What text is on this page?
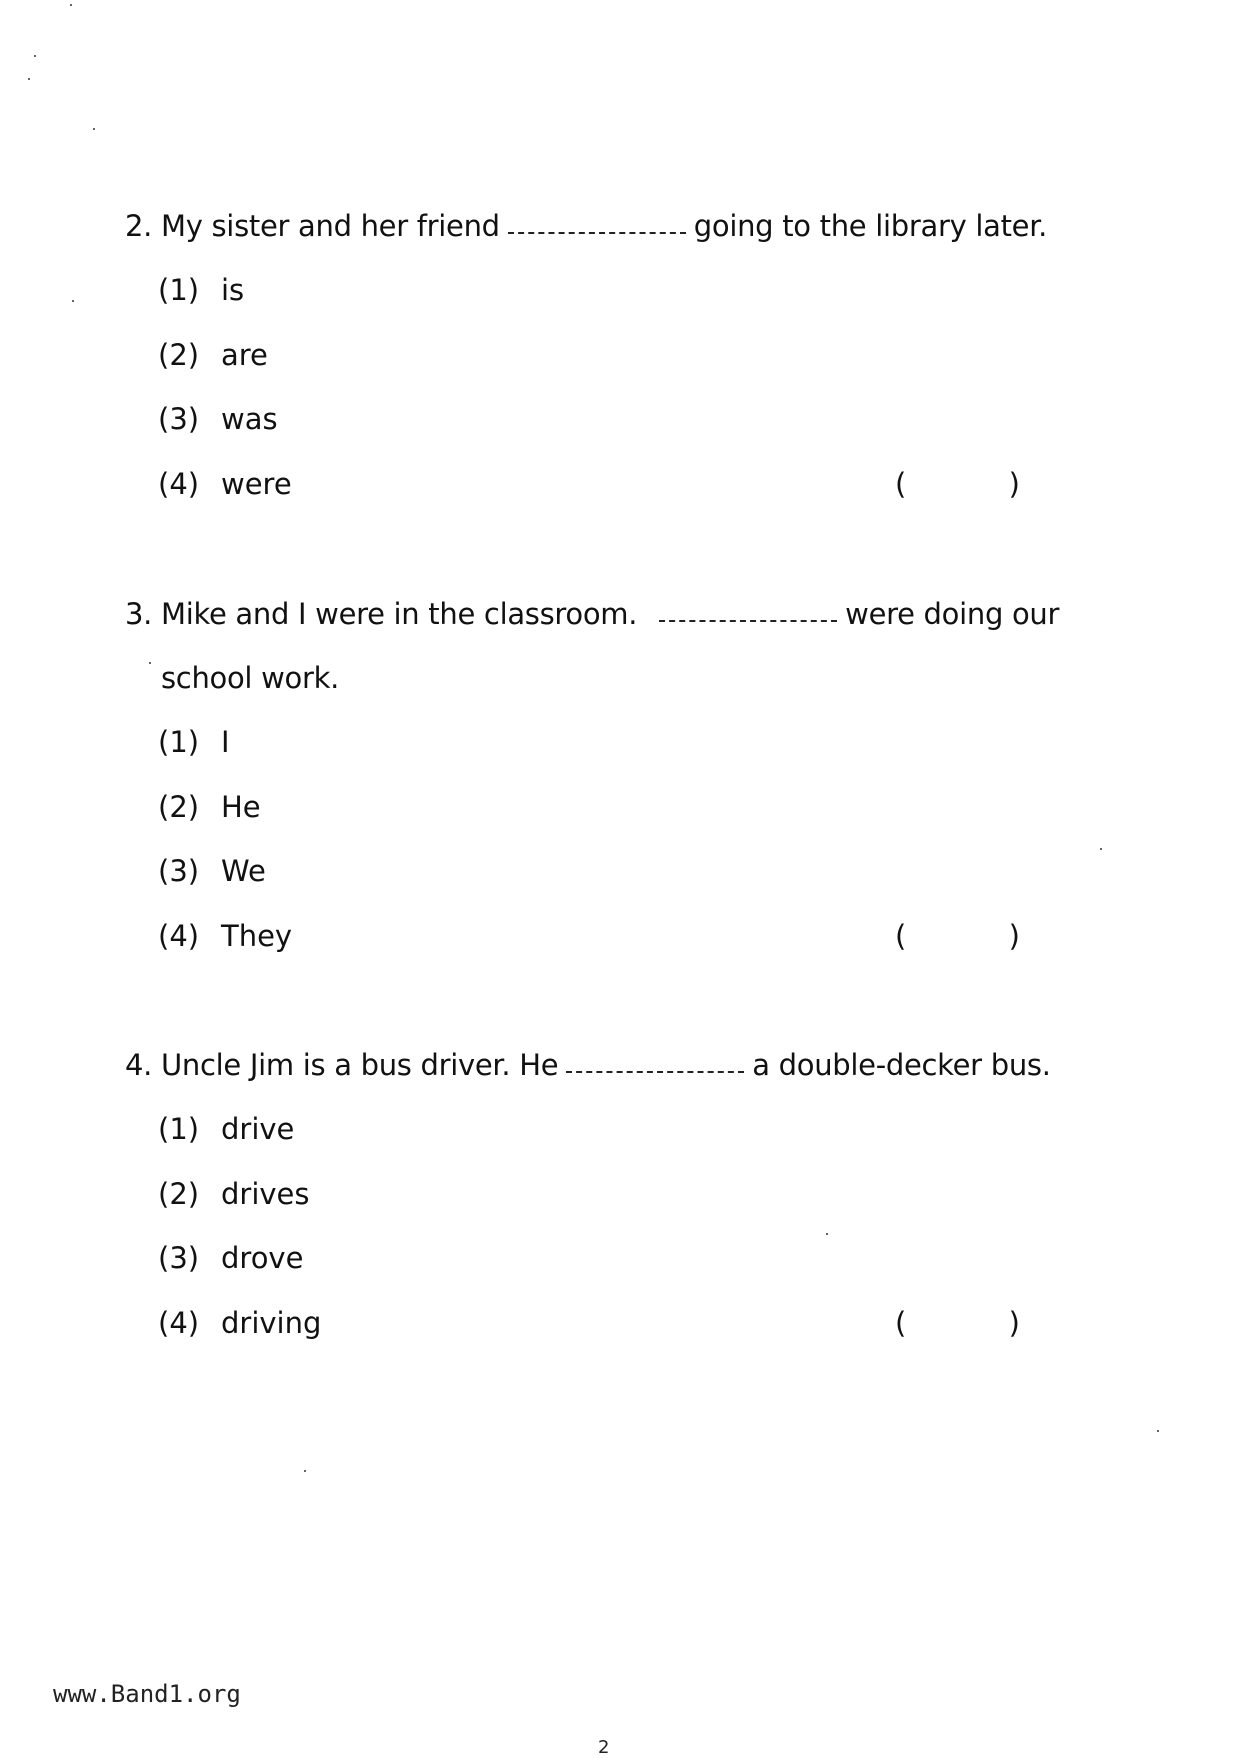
2. My sister and her friend	going to the library later.
(1) is
(2) are
(3) was
(4) were	(	)
3. Mike and I were in the classroom.	were doing our
school work.
(1) I
(2) He
(3) We
(4) They	(	)
4. Uncle Jim is a bus driver. He	a double-decker bus.
(1) drive
(2) drives
(3) drove
(4) driving	(	)
www.Band1.org
2
